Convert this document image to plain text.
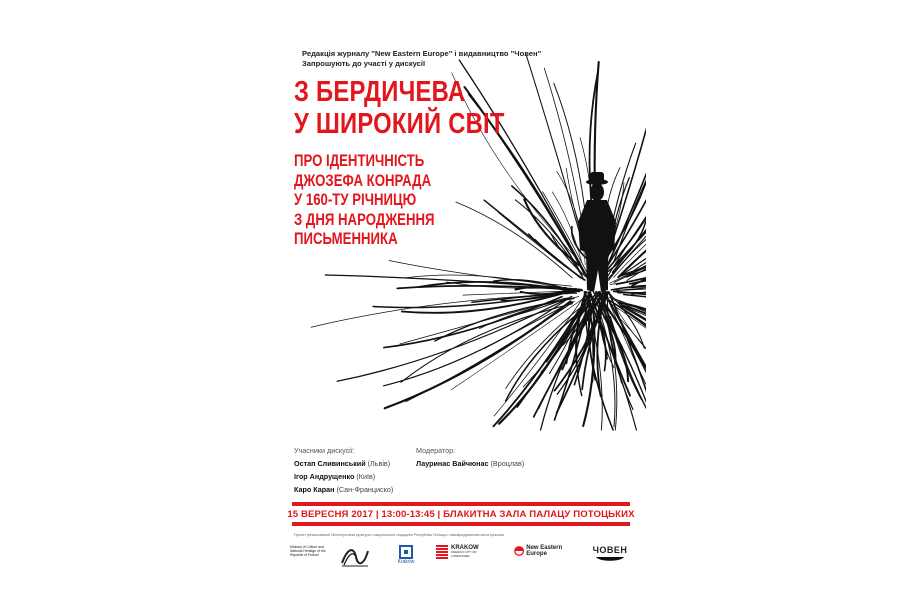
Редакція журналу "New Eastern Europe" і видавництво "Човен"
Запрошують до участі у дискусії
З БЕРДИЧЕВА
У ШИРОКИЙ СВІТ
ПРО ІДЕНТИЧНІСТЬ
ДЖОЗЕФА КОНРАДА
У 160-ТУ РІЧНИЦЮ
З ДНЯ НАРОДЖЕННЯ
ПИСЬМЕННИКА
Учасники дискусії:
Остап Сливинський (Львів)
Ігор Андрущенко (Київ)
Каро Каран (Сан-Франциско)
Модератор:
Лауринас Вайчюнас (Вроцлав)
15 ВЕРЕСНЯ 2017 | 13:00-13:45 | БЛАКИТНА ЗАЛА ПАЛАЦУ ПОТОЦЬКИХ
Проект фінансований Міністерством культури і національної спадщини Республіки Польща і самоврядуванням міста Кракова
Ministry of Culture and National Heritage of the Republic of Poland
Kraków
KRAKOW
UNESCO CITY OF LITERATURE
New Eastern Europe	ЧОВЕН
